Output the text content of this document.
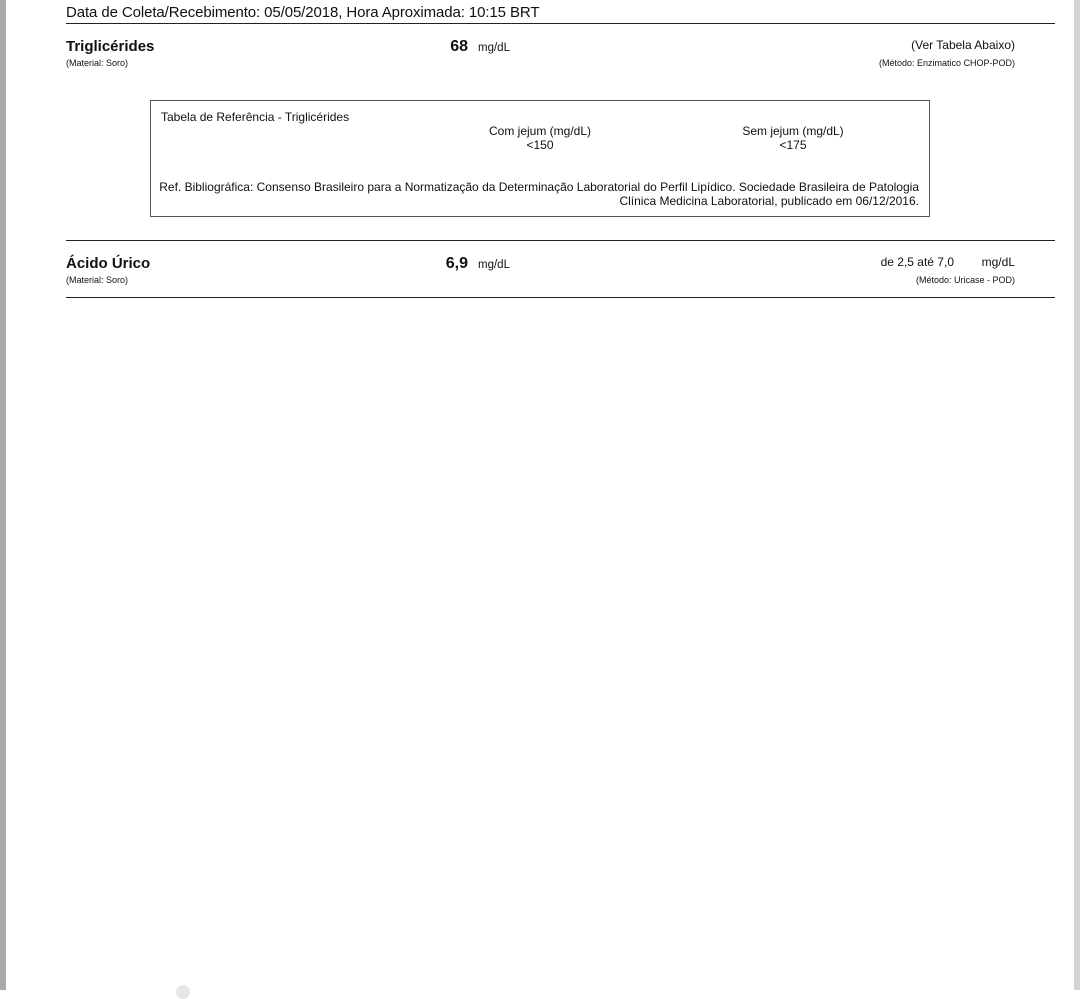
Data de Coleta/Recebimento: 05/05/2018, Hora Aproximada: 10:15 BRT
Triglicérides
(Material: Soro)
68 mg/dL	(Ver Tabela Abaixo)
(Método: Enzimatico CHOP-POD)
Tabela de Referência - Triglicérides
Com jejum (mg/dL)
<150
Sem jejum (mg/dL)
<175
Ref. Bibliográfica: Consenso Brasileiro para a Normatização da Determinação Laboratorial do Perfil Lipídico. Sociedade Brasileira de Patologia Clínica Medicina Laboratorial, publicado em 06/12/2016.
Ácido Úrico
(Material: Soro)
6,9 mg/dL	de 2,5 até 7,0 mg/dL
(Método: Uricase - POD)
